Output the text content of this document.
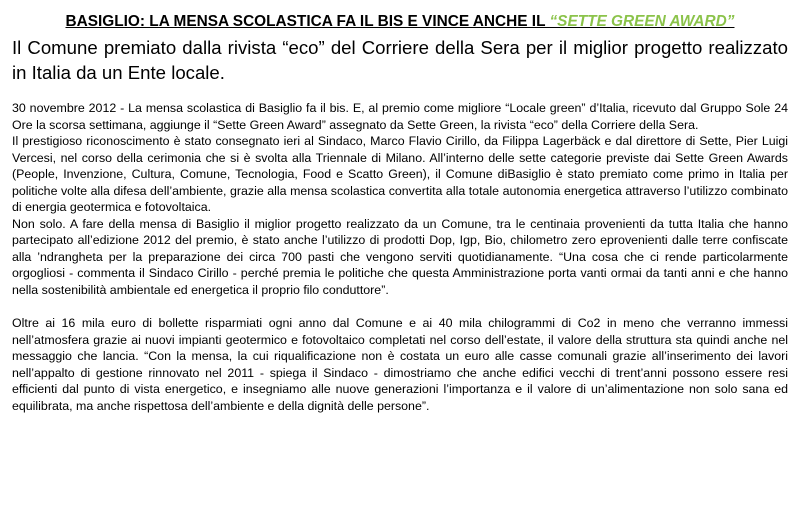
BASIGLIO: LA MENSA SCOLASTICA FA IL BIS E VINCE ANCHE IL “SETTE GREEN AWARD”

Il Comune premiato dalla rivista “eco” del Corriere della Sera per il miglior progetto realizzato in Italia da un Ente locale.

30 novembre 2012 - La mensa scolastica di Basiglio fa il bis. E, al premio come migliore “Locale green” d’Italia, ricevuto dal Gruppo Sole 24 Ore la scorsa settimana, aggiunge il “Sette Green Award” assegnato da Sette Green, la rivista “eco” della Corriere della Sera.

Il prestigioso riconoscimento è stato consegnato ieri al Sindaco, Marco Flavio Cirillo, da Filippa Lagerbäck e dal direttore di Sette, Pier Luigi Vercesi, nel corso della cerimonia che si è svolta alla Triennale di Milano. All’interno delle sette categorie previste dai Sette Green Awards (People, Invenzione, Cultura, Comune, Tecnologia, Food e Scatto Green), il Comune diBasiglio è stato premiato come primo in Italia per politiche volte alla difesa dell’ambiente, grazie alla mensa scolastica convertita alla totale autonomia energetica attraverso l’utilizzo combinato di energia geotermica e fotovoltaica.

Non solo. A fare della mensa di Basiglio il miglior progetto realizzato da un Comune, tra le centinaia provenienti da tutta Italia che hanno partecipato all’edizione 2012 del premio, è stato anche l’utilizzo di prodotti Dop, Igp, Bio, chilometro zero eprovenienti dalle terre confiscate alla ’ndrangheta per la preparazione dei circa 700 pasti che vengono serviti quotidianamente. “Una cosa che ci rende particolarmente orgogliosi - commenta il Sindaco Cirillo - perché premia le politiche che questa Amministrazione porta vanti ormai da tanti anni e che hanno nella sostenibilità ambientale ed energetica il proprio filo conduttore”.

Oltre ai 16 mila euro di bollette risparmiati ogni anno dal Comune e ai 40 mila chilogrammi di Co2 in meno che verranno immessi nell’atmosfera grazie ai nuovi impianti geotermico e fotovoltaico completati nel corso dell’estate, il valore della struttura sta quindi anche nel messaggio che lancia. “Con la mensa, la cui riqualificazione non è costata un euro alle casse comunali grazie all’inserimento dei lavori nell’appalto di gestione rinnovato nel 2011 - spiega il Sindaco - dimostriamo che anche edifici vecchi di trent’anni possono essere resi efficienti dal punto di vista energetico, e insegniamo alle nuove generazioni l’importanza e il valore di un’alimentazione non solo sana ed equilibrata, ma anche rispettosa dell’ambiente e della dignità delle persone”.
